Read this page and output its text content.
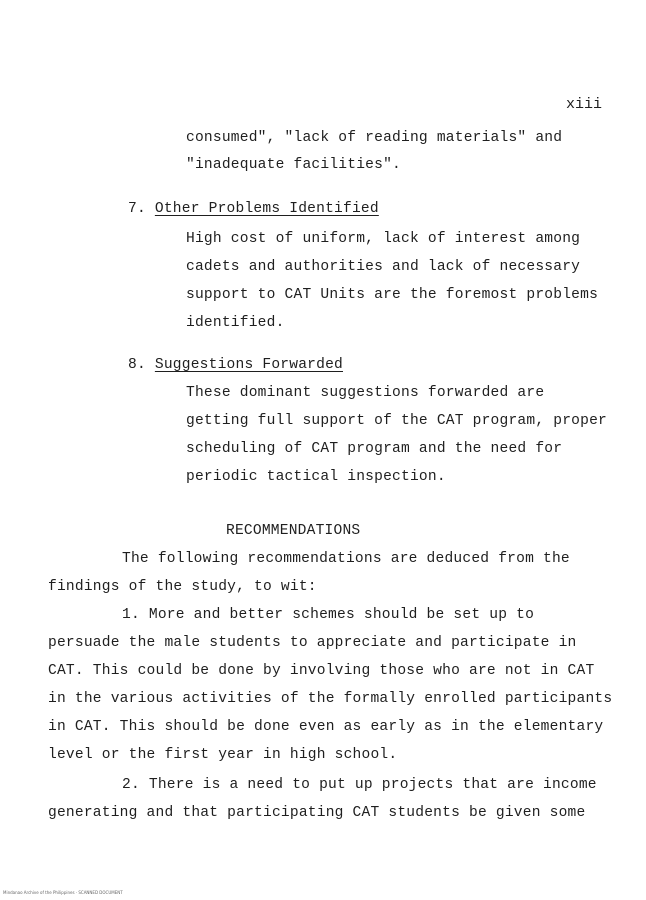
xiii
consumed", "lack of reading materials" and
"inadequate facilities".
7. Other Problems Identified
High cost of uniform, lack of interest among
cadets and authorities and lack of necessary
support to CAT Units are the foremost problems
identified.
8. Suggestions Forwarded
These dominant suggestions forwarded are
getting full support of the CAT program, proper
scheduling of CAT program and the need for
periodic tactical inspection.
RECOMMENDATIONS
The following recommendations are deduced from the
findings of the study, to wit:
1. More and better schemes should be set up to
persuade the male students to appreciate and participate in
CAT. This could be done by involving those who are not in CAT
in the various activities of the formally enrolled participants
in CAT. This should be done even as early as in the elementary
level or the first year in high school.
2. There is a need to put up projects that are income
generating and that participating CAT students be given some
Mindanao Archive of the Philippines · SCANNED DOCUMENT
